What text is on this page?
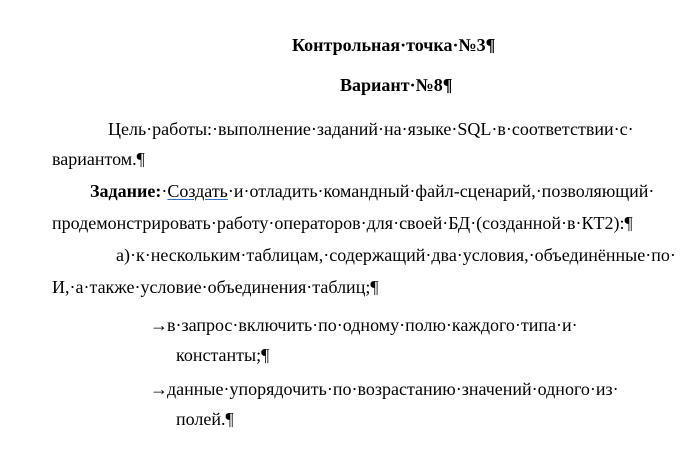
Контрольная·точка·№3¶
Вариант·№8¶
Цель·работы:·выполнение·заданий·на·языке·SQL·в·соответствии·с·
вариантом.¶
Задание:·Создать·и·отладить·командный·файл-сценарий,·позволяющий·
продемонстрировать·работу·операторов·для·своей·БД·(созданной·в·КТ2):¶
а)·к·нескольким·таблицам,·содержащий·два·условия,·объединённые·по·
И,·а·также·условие·объединения·таблиц;¶
→в·запрос·включить·по·одному·полю·каждого·типа·и·
константы;¶
→данные·упорядочить·по·возрастанию·значений·одного·из·
полей.¶
